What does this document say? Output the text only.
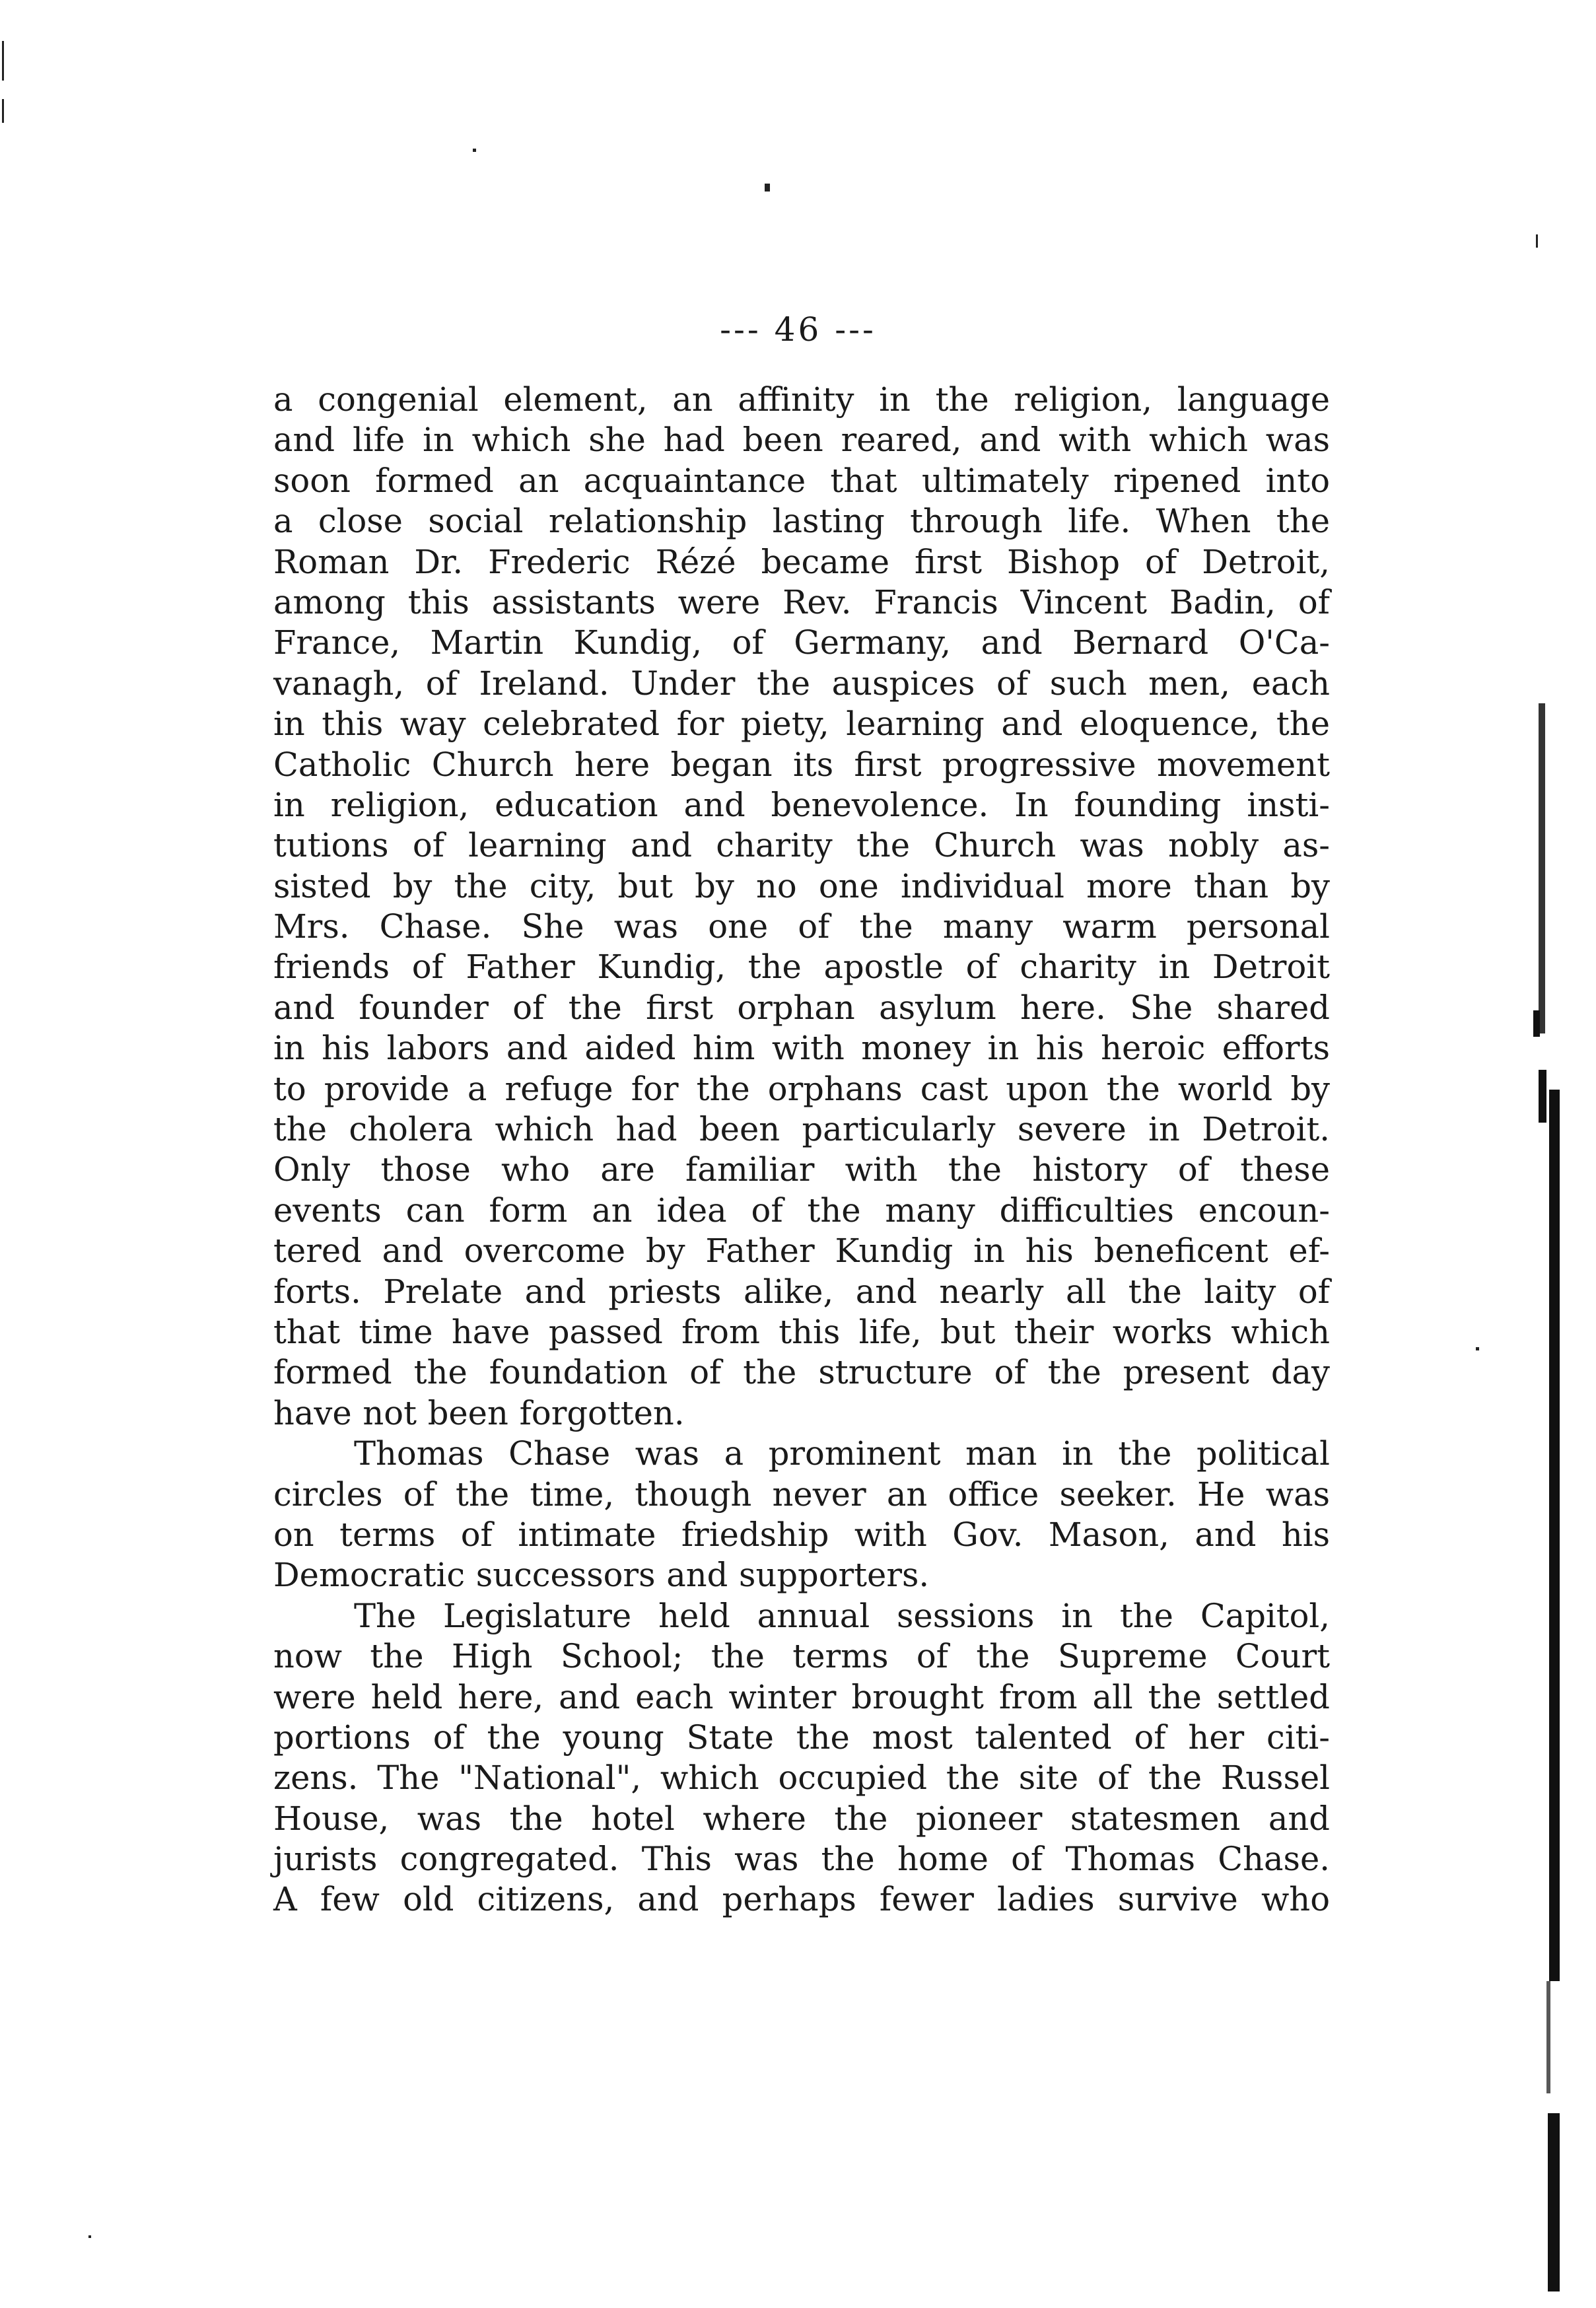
--- 46 ---
a congenial element, an affinity in the religion, language
and life in which she had been reared, and with which was
soon formed an acquaintance that ultimately ripened into
a close social relationship lasting through life. When the
Roman Dr. Frederic Rézé became first Bishop of Detroit,
among this assistants were Rev. Francis Vincent Badin, of
France, Martin Kundig, of Germany, and Bernard O'Ca-
vanagh, of Ireland. Under the auspices of such men, each
in this way celebrated for piety, learning and eloquence, the
Catholic Church here began its first progressive movement
in religion, education and benevolence. In founding insti-
tutions of learning and charity the Church was nobly as-
sisted by the city, but by no one individual more than by
Mrs. Chase. She was one of the many warm personal
friends of Father Kundig, the apostle of charity in Detroit
and founder of the first orphan asylum here. She shared
in his labors and aided him with money in his heroic efforts
to provide a refuge for the orphans cast upon the world by
the cholera which had been particularly severe in Detroit.
Only those who are familiar with the history of these
events can form an idea of the many difficulties encoun-
tered and overcome by Father Kundig in his beneficent ef-
forts. Prelate and priests alike, and nearly all the laity of
that time have passed from this life, but their works which
formed the foundation of the structure of the present day
have not been forgotten.
Thomas Chase was a prominent man in the political
circles of the time, though never an office seeker. He was
on terms of intimate friedship with Gov. Mason, and his
Democratic successors and supporters.
The Legislature held annual sessions in the Capitol,
now the High School; the terms of the Supreme Court
were held here, and each winter brought from all the settled
portions of the young State the most talented of her citi-
zens. The "National", which occupied the site of the Russel
House, was the hotel where the pioneer statesmen and
jurists congregated. This was the home of Thomas Chase.
A few old citizens, and perhaps fewer ladies survive who
